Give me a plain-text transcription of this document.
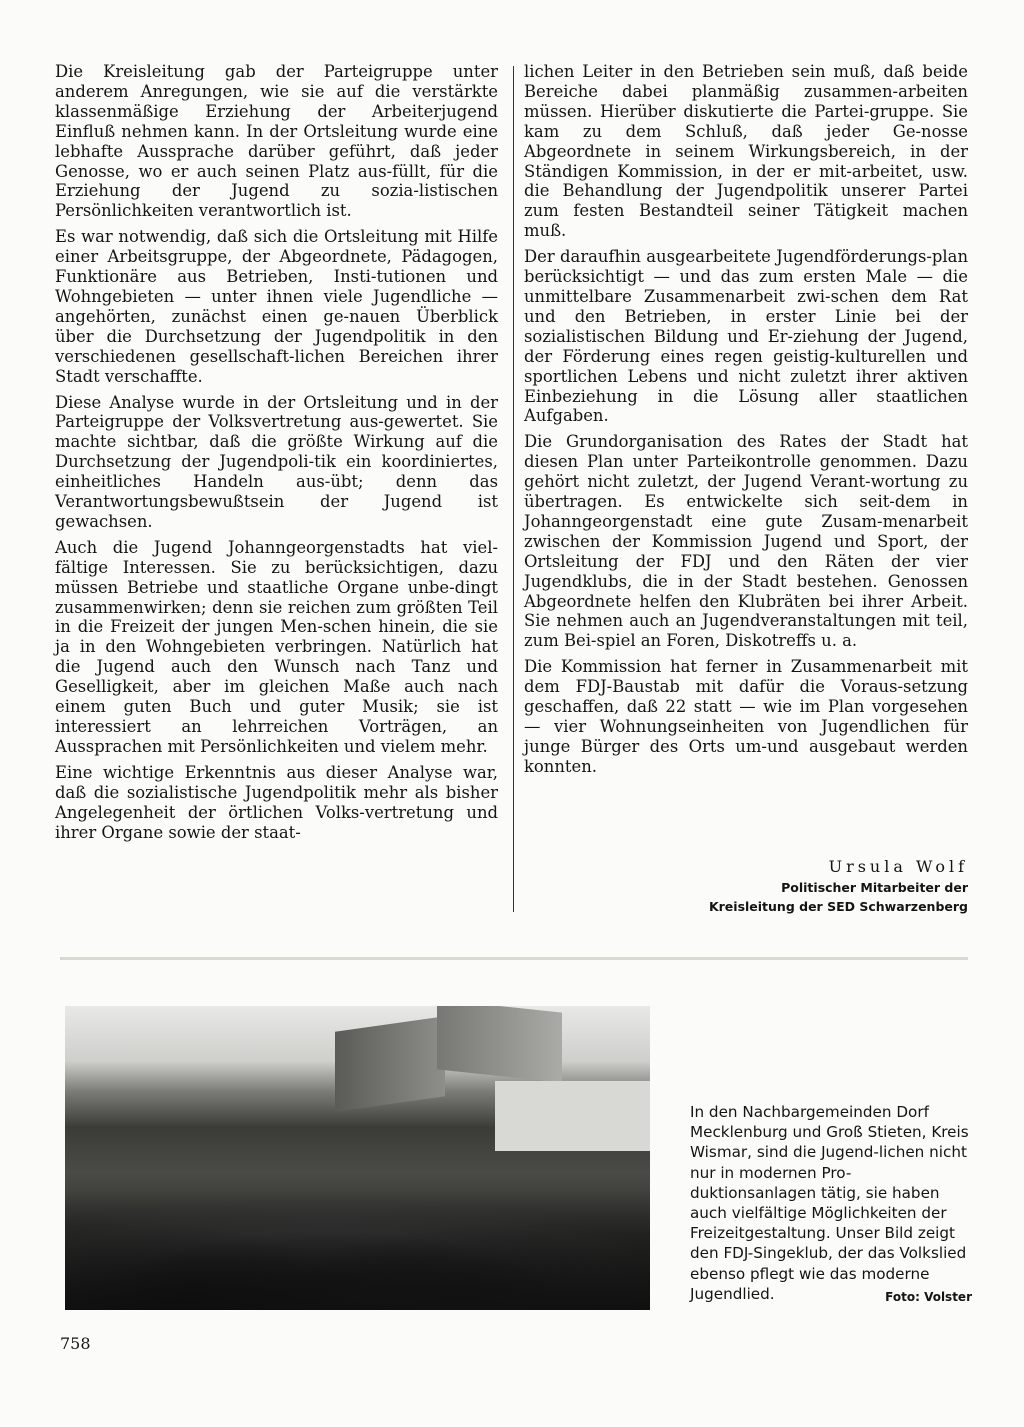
Die Kreisleitung gab der Parteigruppe unter anderem Anregungen, wie sie auf die verstärkte klassenmäßige Erziehung der Arbeiterjugend Einfluß nehmen kann. In der Ortsleitung wurde eine lebhafte Aussprache darüber geführt, daß jeder Genosse, wo er auch seinen Platz aus-füllt, für die Erziehung der Jugend zu sozia-listischen Persönlichkeiten verantwortlich ist.

Es war notwendig, daß sich die Ortsleitung mit Hilfe einer Arbeitsgruppe, der Abgeordnete, Pädagogen, Funktionäre aus Betrieben, Insti-tutionen und Wohngebieten — unter ihnen viele Jugendliche — angehörten, zunächst einen ge-nauen Überblick über die Durchsetzung der Jugendpolitik in den verschiedenen gesellschaft-lichen Bereichen ihrer Stadt verschaffte.

Diese Analyse wurde in der Ortsleitung und in der Parteigruppe der Volksvertretung aus-gewertet. Sie machte sichtbar, daß die größte Wirkung auf die Durchsetzung der Jugendpoli-tik ein koordiniertes, einheitliches Handeln aus-übt; denn das Verantwortungsbewußtsein der Jugend ist gewachsen.

Auch die Jugend Johanngeorgenstadts hat viel-fältige Interessen. Sie zu berücksichtigen, dazu müssen Betriebe und staatliche Organe unbe-dingt zusammenwirken; denn sie reichen zum größten Teil in die Freizeit der jungen Men-schen hinein, die sie ja in den Wohngebieten verbringen. Natürlich hat die Jugend auch den Wunsch nach Tanz und Geselligkeit, aber im gleichen Maße auch nach einem guten Buch und guter Musik; sie ist interessiert an lehrreichen Vorträgen, an Aussprachen mit Persönlichkeiten und vielem mehr.

Eine wichtige Erkenntnis aus dieser Analyse war, daß die sozialistische Jugendpolitik mehr als bisher Angelegenheit der örtlichen Volks-vertretung und ihrer Organe sowie der staat-

lichen Leiter in den Betrieben sein muß, daß beide Bereiche dabei planmäßig zusammen-arbeiten müssen. Hierüber diskutierte die Partei-gruppe. Sie kam zu dem Schluß, daß jeder Ge-nosse Abgeordnete in seinem Wirkungsbereich, in der Ständigen Kommission, in der er mit-arbeitet, usw. die Behandlung der Jugendpolitik unserer Partei zum festen Bestandteil seiner Tätigkeit machen muß.

Der daraufhin ausgearbeitete Jugendförderungs-plan berücksichtigt — und das zum ersten Male — die unmittelbare Zusammenarbeit zwi-schen dem Rat und den Betrieben, in erster Linie bei der sozialistischen Bildung und Er-ziehung der Jugend, der Förderung eines regen geistig-kulturellen und sportlichen Lebens und nicht zuletzt ihrer aktiven Einbeziehung in die Lösung aller staatlichen Aufgaben.

Die Grundorganisation des Rates der Stadt hat diesen Plan unter Parteikontrolle genommen. Dazu gehört nicht zuletzt, der Jugend Verant-wortung zu übertragen. Es entwickelte sich seit-dem in Johanngeorgenstadt eine gute Zusam-menarbeit zwischen der Kommission Jugend und Sport, der Ortsleitung der FDJ und den Räten der vier Jugendklubs, die in der Stadt bestehen. Genossen Abgeordnete helfen den Klubräten bei ihrer Arbeit. Sie nehmen auch an Jugendveranstaltungen mit teil, zum Bei-spiel an Foren, Diskotreffs u. a.

Die Kommission hat ferner in Zusammenarbeit mit dem FDJ-Baustab mit dafür die Voraus-setzung geschaffen, daß 22 statt — wie im Plan vorgesehen — vier Wohnungseinheiten von Jugendlichen für junge Bürger des Orts um-und ausgebaut werden konnten.

Ursula Wolf
Politischer Mitarbeiter der
Kreisleitung der SED Schwarzenberg
In den Nachbargemeinden Dorf Mecklenburg und Groß Stieten, Kreis Wismar, sind die Jugend-lichen nicht nur in modernen Pro-duktionsanlagen tätig, sie haben auch vielfältige Möglichkeiten der Freizeitgestaltung. Unser Bild zeigt den FDJ-Singeklub, der das Volkslied ebenso pflegt wie das moderne Jugendlied.	Foto: Volster
758
